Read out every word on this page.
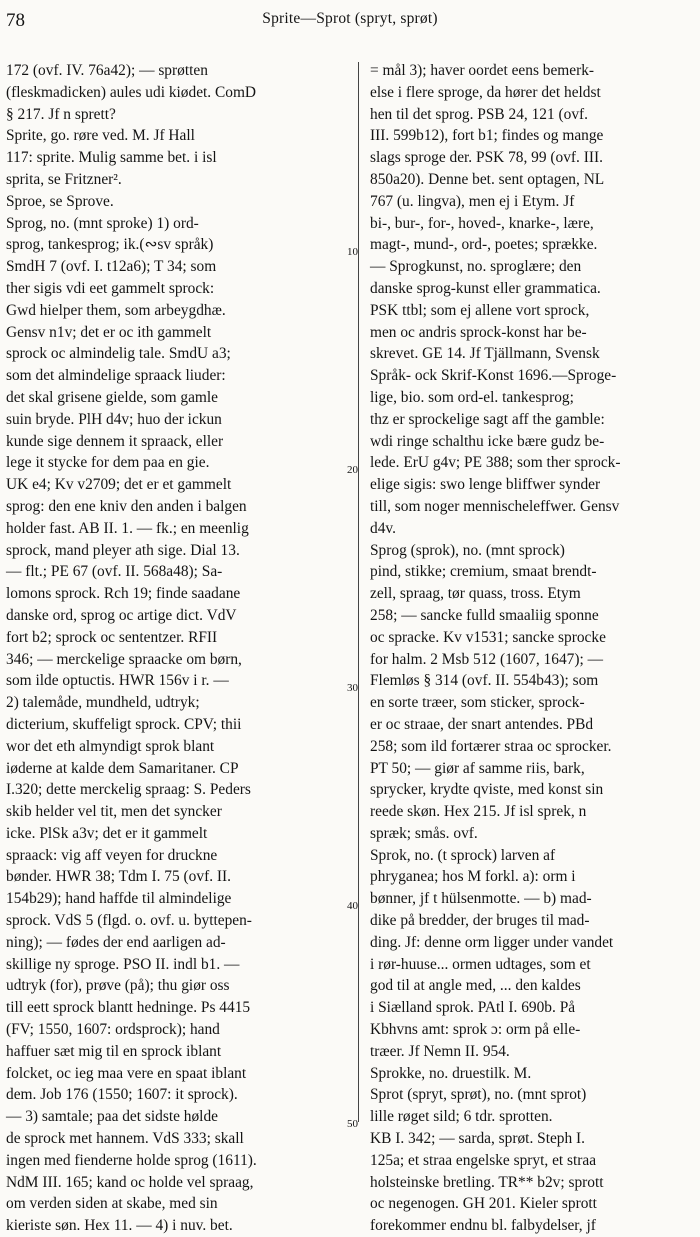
78	Sprite—Sprot (spryt, sprøt)
172 (ovf. IV. 76a42); — sprøtten
(fleskmadicken) aules udi kiødet. ComD
§ 217. Jf n sprett?
Sprite, go. røre ved. M. Jf Hall
117: sprite. Mulig samme bet. i isl
sprita, se Fritzner².
Sproe, se Sprove.
Sprog, no. (mnt sproke) 1) ord-
sprog, tankesprog; ik.(∾sv språk)
SmdH 7 (ovf. I. t12a6); T 34; som
ther sigis vdi eet gammelt sprock:
Gwd hielper them, som arbeygdhæ.
Gensv n1v; det er oc ith gammelt
sprock oc almindelig tale. SmdU a3;
som det almindelige spraack liuder:
det skal grisene gielde, som gamle
suin bryde. PlH d4v; huo der ickun
kunde sige dennem it spraack, eller
lege it stycke for dem paa en gie.
UK e4; Kv v2709; det er et gammelt
sprog: den ene kniv den anden i balgen
holder fast. AB II. 1. — fk.; en meenlig
sprock, mand pleyer ath sige. Dial 13.
— flt.; PE 67 (ovf. II. 568a48); Sa-
lomons sprock. Rch 19; finde saadane
danske ord, sprog oc artige dict. VdV
fort b2; sprock oc sententzer. RFII
346; — merckelige spraacke om børn,
som ilde optuctis. HWR 156v i r. —
2) talemåde, mundheld, udtryk;
dicterium, skuffeligt sprock. CPV; thii
wor det eth almyndigt sprok blant
iøderne at kalde dem Samaritaner. CP
I.320; dette merckelig spraag: S. Peders
skib helder vel tit, men det syncker
icke. PlSk a3v; det er it gammelt
spraack: vig aff veyen for druckne
bønder. HWR 38; Tdm I. 75 (ovf. II.
154b29); hand haffde til almindelige
sprock. VdS 5 (flgd. o. ovf. u. byttepen-
ning); — fødes der end aarligen ad-
skillige ny sproge. PSO II. indl b1. —
udtryk (for), prøve (på); thu giør oss
till eett sprock blantt hedninge. Ps 4415
(FV; 1550, 1607: ordsprock); hand
haffuer sæt mig til en sprock iblant
folcket, oc ieg maa vere en spaat iblant
dem. Job 176 (1550; 1607: it sprock).
— 3) samtale; paa det sidste hølde
de sprock met hannem. VdS 333; skall
ingen med fienderne holde sprog (1611).
NdM III. 165; kand oc holde vel spraag,
om verden siden at skabe, med sin
kieriste søn. Hex 11. — 4) i nuv. bet.
= mål 3); haver oordet eens bemerk-
else i flere sproge, da hører det heldst
hen til det sprog. PSB 24, 121 (ovf.
III. 599b12), fort b1; findes og mange
slags sproge der. PSK 78, 99 (ovf. III.
850a20). Denne bet. sent optagen, NL
767 (u. lingva), men ej i Etym. Jf
bi-, bur-, for-, hoved-, knarke-, lære,
magt-, mund-, ord-, poetes; sprække.
— Sprogkunst, no. sproglære; den
danske sprog-kunst eller grammatica.
PSK ttbl; som ej allene vort sprock,
men oc andris sprock-konst har be-
skrevet. GE 14. Jf Tjällmann, Svensk
Språk- ock Skrif-Konst 1696.—Sproge-
lige, bio. som ord-el. tankesprog;
thz er sprockelige sagt aff the gamble:
wdi ringe schalthu icke bære gudz be-
lede. ErU g4v; PE 388; som ther sprock-
elige sigis: swo lenge bliffwer synder
till, som noger mennischeleffwer. Gensv
d4v.
Sprog (sprok), no. (mnt sprock)
pind, stikke; cremium, smaat brendt-
zell, spraag, tør quass, tross. Etym
258; — sancke fulld smaaliig sponne
oc spracke. Kv v1531; sancke sprocke
for halm. 2 Msb 512 (1607, 1647); —
Flemløs § 314 (ovf. II. 554b43); som
en sorte træer, som sticker, sprock-
er oc straae, der snart antendes. PBd
258; som ild fortærer straa oc sprocker.
PT 50; — giør af samme riis, bark,
sprycker, krydte qviste, med konst sin
reede skøn. Hex 215. Jf isl sprek, n
spræk; smås. ovf.
Sprok, no. (t sprock) larven af
phryganea; hos M forkl. a): orm i
bønner, jf t hülsenmotte. — b) mad-
dike på bredder, der bruges til mad-
ding. Jf: denne orm ligger under vandet
i rør-huuse... ormen udtages, som et
god til at angle med, ... den kaldes
i Siælland sprok. PAtl I. 690b. På
Kbhvns amt: sprok ɔ: orm på elle-
træer. Jf Nemn II. 954.
Sprokke, no. druestilk. M.
Sprot (spryt, sprøt), no. (mnt sprot)
lille røget sild; 6 tdr. sprotten.
KB I. 342; — sarda, sprøt. Steph I.
125a; et straa engelske spryt, et straa
holsteinske bretling. TR** b2v; sprott
oc negenogen. GH 201. Kieler sprott
forekommer endnu bl. falbydelser, jf
10
20
30
40
50
